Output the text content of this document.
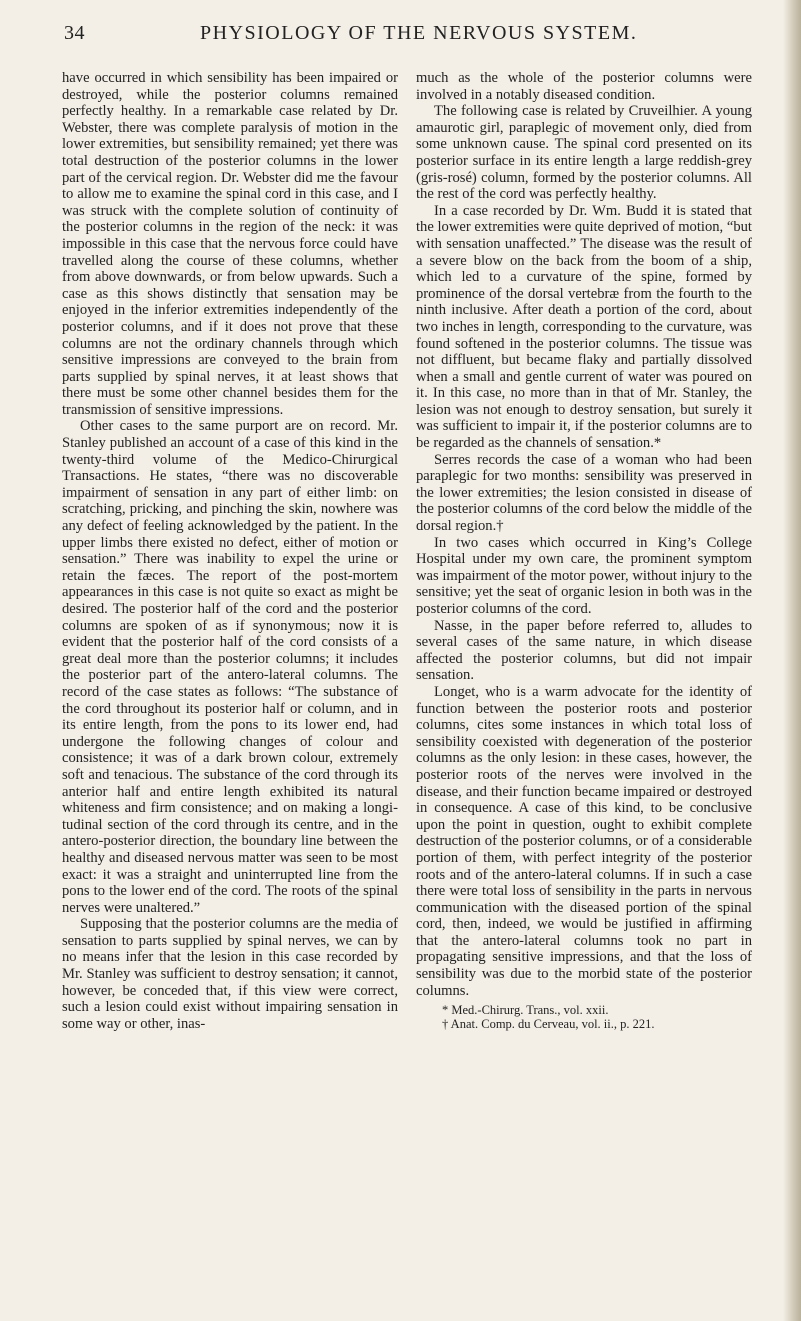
34	PHYSIOLOGY OF THE NERVOUS SYSTEM.

have occurred in which sensibility has been impaired or destroyed, while the posterior columns remained perfectly healthy. In a remarkable case related by Dr. Webster, there was complete paralysis of motion in the lower extremities, but sensibility remained; yet there was total destruction of the posterior columns in the lower part of the cervical region. Dr. Webster did me the favour to allow me to examine the spinal cord in this case, and I was struck with the complete solution of continuity of the posterior columns in the region of the neck: it was impossible in this case that the nervous force could have travelled along the course of these columns, whether from above downwards, or from below upwards. Such a case as this shows distinctly that sensation may be enjoyed in the inferior extremities independently of the posterior columns, and if it does not prove that these columns are not the ordinary channels through which sensitive impressions are conveyed to the brain from parts supplied by spinal nerves, it at least shows that there must be some other channel besides them for the transmission of sensitive impressions.

Other cases to the same purport are on record. Mr. Stanley published an account of a case of this kind in the twenty-third volume of the Medico-Chirurgical Transactions. He states, “there was no discoverable impairment of sensation in any part of either limb: on scratching, pricking, and pinching the skin, nowhere was any defect of feeling acknowledged by the patient. In the upper limbs there existed no defect, either of motion or sensation.” There was inability to expel the urine or retain the fæces. The report of the post-mortem appearances in this case is not quite so exact as might be desired. The posterior half of the cord and the posterior columns are spoken of as if synonymous; now it is evident that the posterior half of the cord consists of a great deal more than the posterior columns; it includes the posterior part of the antero-lateral columns. The record of the case states as follows: “The substance of the cord throughout its posterior half or column, and in its entire length, from the pons to its lower end, had undergone the following changes of colour and consistence; it was of a dark brown colour, extremely soft and tenacious. The substance of the cord through its anterior half and entire length exhibited its natural whiteness and firm consistence; and on making a longitudinal section of the cord through its centre, and in the antero-posterior direction, the boundary line between the healthy and diseased nervous matter was seen to be most exact: it was a straight and uninterrupted line from the pons to the lower end of the cord. The roots of the spinal nerves were unaltered.”

Supposing that the posterior columns are the media of sensation to parts supplied by spinal nerves, we can by no means infer that the lesion in this case recorded by Mr. Stanley was sufficient to destroy sensation; it cannot, however, be conceded that, if this view were correct, such a lesion could exist without impairing sensation in some way or other, inas-

much as the whole of the posterior columns were involved in a notably diseased condition.

The following case is related by Cruveilhier. A young amaurotic girl, paraplegic of movement only, died from some unknown cause. The spinal cord presented on its posterior surface in its entire length a large reddish-grey (gris-rosé) column, formed by the posterior columns. All the rest of the cord was perfectly healthy.

In a case recorded by Dr. Wm. Budd it is stated that the lower extremities were quite deprived of motion, “but with sensation unaffected.” The disease was the result of a severe blow on the back from the boom of a ship, which led to a curvature of the spine, formed by prominence of the dorsal vertebræ from the fourth to the ninth inclusive. After death a portion of the cord, about two inches in length, corresponding to the curvature, was found softened in the posterior columns. The tissue was not diffluent, but became flaky and partially dissolved when a small and gentle current of water was poured on it. In this case, no more than in that of Mr. Stanley, the lesion was not enough to destroy sensation, but surely it was sufficient to impair it, if the posterior columns are to be regarded as the channels of sensation.*

Serres records the case of a woman who had been paraplegic for two months: sensibility was preserved in the lower extremities; the lesion consisted in disease of the posterior columns of the cord below the middle of the dorsal region.†

In two cases which occurred in King’s College Hospital under my own care, the prominent symptom was impairment of the motor power, without injury to the sensitive; yet the seat of organic lesion in both was in the posterior columns of the cord.

Nasse, in the paper before referred to, alludes to several cases of the same nature, in which disease affected the posterior columns, but did not impair sensation.

Longet, who is a warm advocate for the identity of function between the posterior roots and posterior columns, cites some instances in which total loss of sensibility coexisted with degeneration of the posterior columns as the only lesion: in these cases, however, the posterior roots of the nerves were involved in the disease, and their function became impaired or destroyed in consequence. A case of this kind, to be conclusive upon the point in question, ought to exhibit complete destruction of the posterior columns, or of a considerable portion of them, with perfect integrity of the posterior roots and of the antero-lateral columns. If in such a case there were total loss of sensibility in the parts in nervous communication with the diseased portion of the spinal cord, then, indeed, we would be justified in affirming that the antero-lateral columns took no part in propagating sensitive impressions, and that the loss of sensibility was due to the morbid state of the posterior columns.

* Med.-Chirurg. Trans., vol. xxii.
† Anat. Comp. du Cerveau, vol. ii., p. 221.
